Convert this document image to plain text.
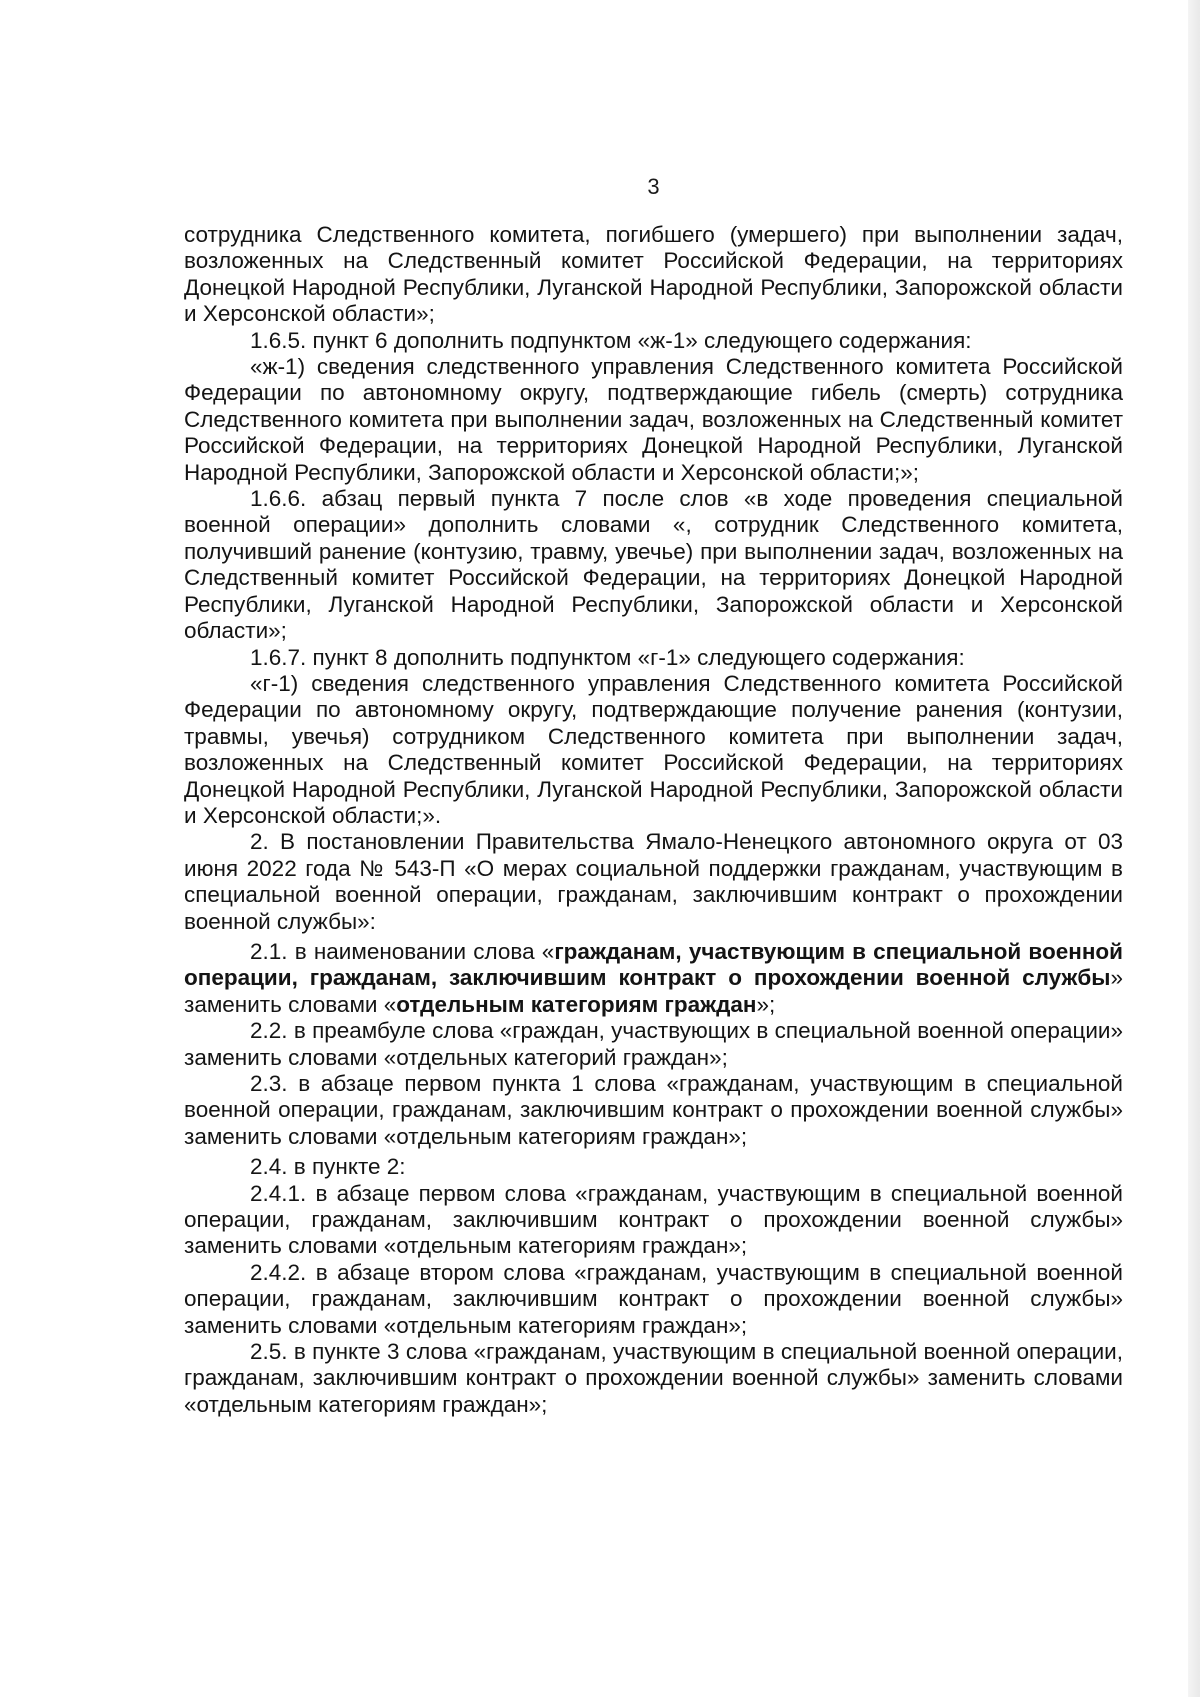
3

сотрудника Следственного комитета, погибшего (умершего) при выполнении задач, возложенных на Следственный комитет Российской Федерации, на территориях Донецкой Народной Республики, Луганской Народной Республики, Запорожской области и Херсонской области»;

1.6.5. пункт 6 дополнить подпунктом «ж-1» следующего содержания:

«ж-1) сведения следственного управления Следственного комитета Российской Федерации по автономному округу, подтверждающие гибель (смерть) сотрудника Следственного комитета при выполнении задач, возложенных на Следственный комитет Российской Федерации, на территориях Донецкой Народной Республики, Луганской Народной Республики, Запорожской области и Херсонской области;»;

1.6.6. абзац первый пункта 7 после слов «в ходе проведения специальной военной операции» дополнить словами «, сотрудник Следственного комитета, получивший ранение (контузию, травму, увечье) при выполнении задач, возложенных на Следственный комитет Российской Федерации, на территориях Донецкой Народной Республики, Луганской Народной Республики, Запорожской области и Херсонской области»;

1.6.7. пункт 8 дополнить подпунктом «г-1» следующего содержания:

«г-1) сведения следственного управления Следственного комитета Российской Федерации по автономному округу, подтверждающие получение ранения (контузии, травмы, увечья) сотрудником Следственного комитета при выполнении задач, возложенных на Следственный комитет Российской Федерации, на территориях Донецкой Народной Республики, Луганской Народной Республики, Запорожской области и Херсонской области;».

2. В постановлении Правительства Ямало-Ненецкого автономного округа от 03 июня 2022 года № 543-П «О мерах социальной поддержки гражданам, участвующим в специальной военной операции, гражданам, заключившим контракт о прохождении военной службы»:

2.1. в наименовании слова «гражданам, участвующим в специальной военной операции, гражданам, заключившим контракт о прохождении военной службы» заменить словами «отдельным категориям граждан»;

2.2. в преамбуле слова «граждан, участвующих в специальной военной операции» заменить словами «отдельных категорий граждан»;

2.3. в абзаце первом пункта 1 слова «гражданам, участвующим в специальной военной операции, гражданам, заключившим контракт о прохождении военной службы» заменить словами «отдельным категориям граждан»;

2.4. в пункте 2:

2.4.1. в абзаце первом слова «гражданам, участвующим в специальной военной операции, гражданам, заключившим контракт о прохождении военной службы» заменить словами «отдельным категориям граждан»;

2.4.2. в абзаце втором слова «гражданам, участвующим в специальной военной операции, гражданам, заключившим контракт о прохождении военной службы» заменить словами «отдельным категориям граждан»;

2.5. в пункте 3 слова «гражданам, участвующим в специальной военной операции, гражданам, заключившим контракт о прохождении военной службы» заменить словами «отдельным категориям граждан»;
